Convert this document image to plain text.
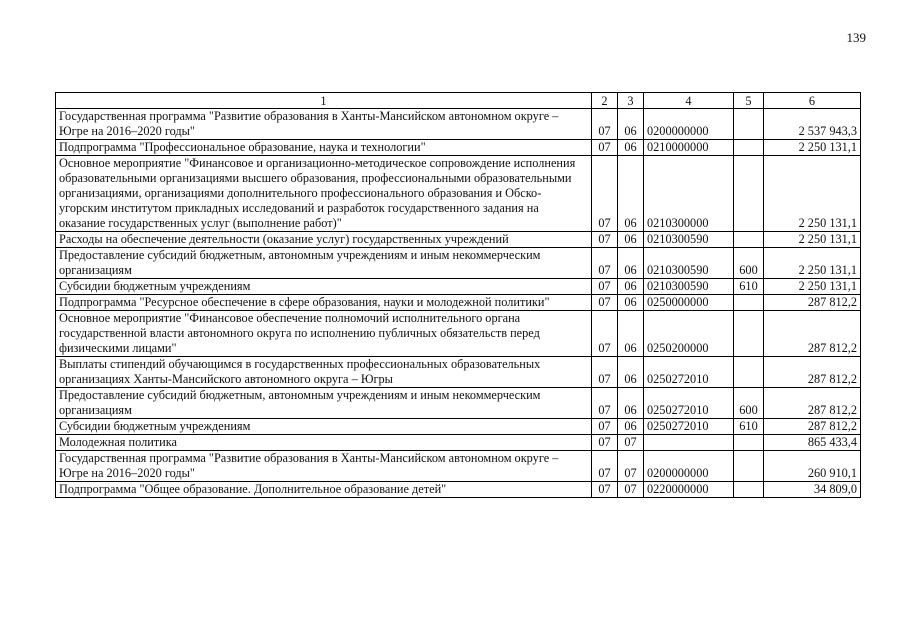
139
1	2	3	4	5	6
Государственная программа "Развитие образования в Ханты-Мансийском автономном округе – Югре на 2016–2020 годы"	07	06	0200000000		2 537 943,3
Подпрограмма "Профессиональное образование, наука и технологии"	07	06	0210000000		2 250 131,1
Основное мероприятие "Финансовое и организационно-методическое сопровождение исполнения образовательными организациями высшего образования, профессиональными образовательными организациями, организациями дополнительного профессионального образования и Обско-угорским институтом прикладных исследований и разработок государственного задания на оказание государственных услуг (выполнение работ)"	07	06	0210300000		2 250 131,1
Расходы на обеспечение деятельности (оказание услуг) государственных учреждений	07	06	0210300590		2 250 131,1
Предоставление субсидий бюджетным, автономным учреждениям и иным некоммерческим организациям	07	06	0210300590	600	2 250 131,1
Субсидии бюджетным учреждениям	07	06	0210300590	610	2 250 131,1
Подпрограмма "Ресурсное обеспечение в сфере образования, науки и молодежной политики"	07	06	0250000000		287 812,2
Основное мероприятие "Финансовое обеспечение полномочий исполнительного органа государственной власти автономного округа по исполнению публичных обязательств перед физическими лицами"	07	06	0250200000		287 812,2
Выплаты стипендий обучающимся в государственных профессиональных образовательных организациях Ханты-Мансийского автономного округа – Югры	07	06	0250272010		287 812,2
Предоставление субсидий бюджетным, автономным учреждениям и иным некоммерческим организациям	07	06	0250272010	600	287 812,2
Субсидии бюджетным учреждениям	07	06	0250272010	610	287 812,2
Молодежная политика	07	07			865 433,4
Государственная программа "Развитие образования в Ханты-Мансийском автономном округе – Югре на 2016–2020 годы"	07	07	0200000000		260 910,1
Подпрограмма "Общее образование. Дополнительное образование детей"	07	07	0220000000		34 809,0
